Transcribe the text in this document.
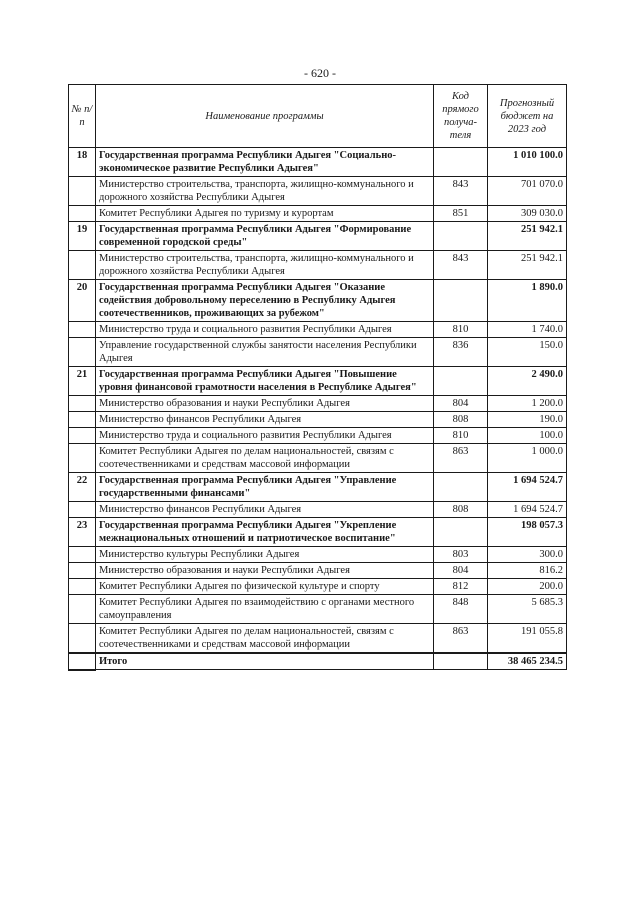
- 620 -
№ п/п	Наименование программы	Код прямого получа- теля	Прогнозный бюджет на 2023 год
18	Государственная программа Республики Адыгея "Социально-экономическое развитие Республики Адыгея"		1 010 100.0
	Министерство строительства, транспорта, жилищно-коммунального и дорожного хозяйства Республики Адыгея	843	701 070.0
	Комитет Республики Адыгея по туризму и курортам	851	309 030.0
19	Государственная программа Республики Адыгея "Формирование современной городской среды"		251 942.1
	Министерство строительства, транспорта, жилищно-коммунального и дорожного хозяйства Республики Адыгея	843	251 942.1
20	Государственная программа Республики Адыгея "Оказание содействия добровольному переселению в Республику Адыгея соотечественников, проживающих за рубежом"		1 890.0
	Министерство труда и социального развития Республики Адыгея	810	1 740.0
	Управление государственной службы занятости населения Республики Адыгея	836	150.0
21	Государственная программа Республики Адыгея "Повышение уровня финансовой грамотности населения в Республике Адыгея"		2 490.0
	Министерство образования и науки Республики Адыгея	804	1 200.0
	Министерство финансов Республики Адыгея	808	190.0
	Министерство труда и социального развития Республики Адыгея	810	100.0
	Комитет Республики Адыгея по делам национальностей, связям с соотечественниками и средствам массовой информации	863	1 000.0
22	Государственная программа Республики Адыгея "Управление государственными финансами"		1 694 524.7
	Министерство финансов Республики Адыгея	808	1 694 524.7
23	Государственная программа Республики Адыгея "Укрепление межнациональных отношений и патриотическое воспитание"		198 057.3
	Министерство культуры Республики Адыгея	803	300.0
	Министерство образования и науки Республики Адыгея	804	816.2
	Комитет Республики Адыгея по физической культуре и спорту	812	200.0
	Комитет Республики Адыгея по взаимодействию с органами местного самоуправления	848	5 685.3
	Комитет Республики Адыгея по делам национальностей, связям с соотечественниками и средствам массовой информации	863	191 055.8
	Итого		38 465 234.5
